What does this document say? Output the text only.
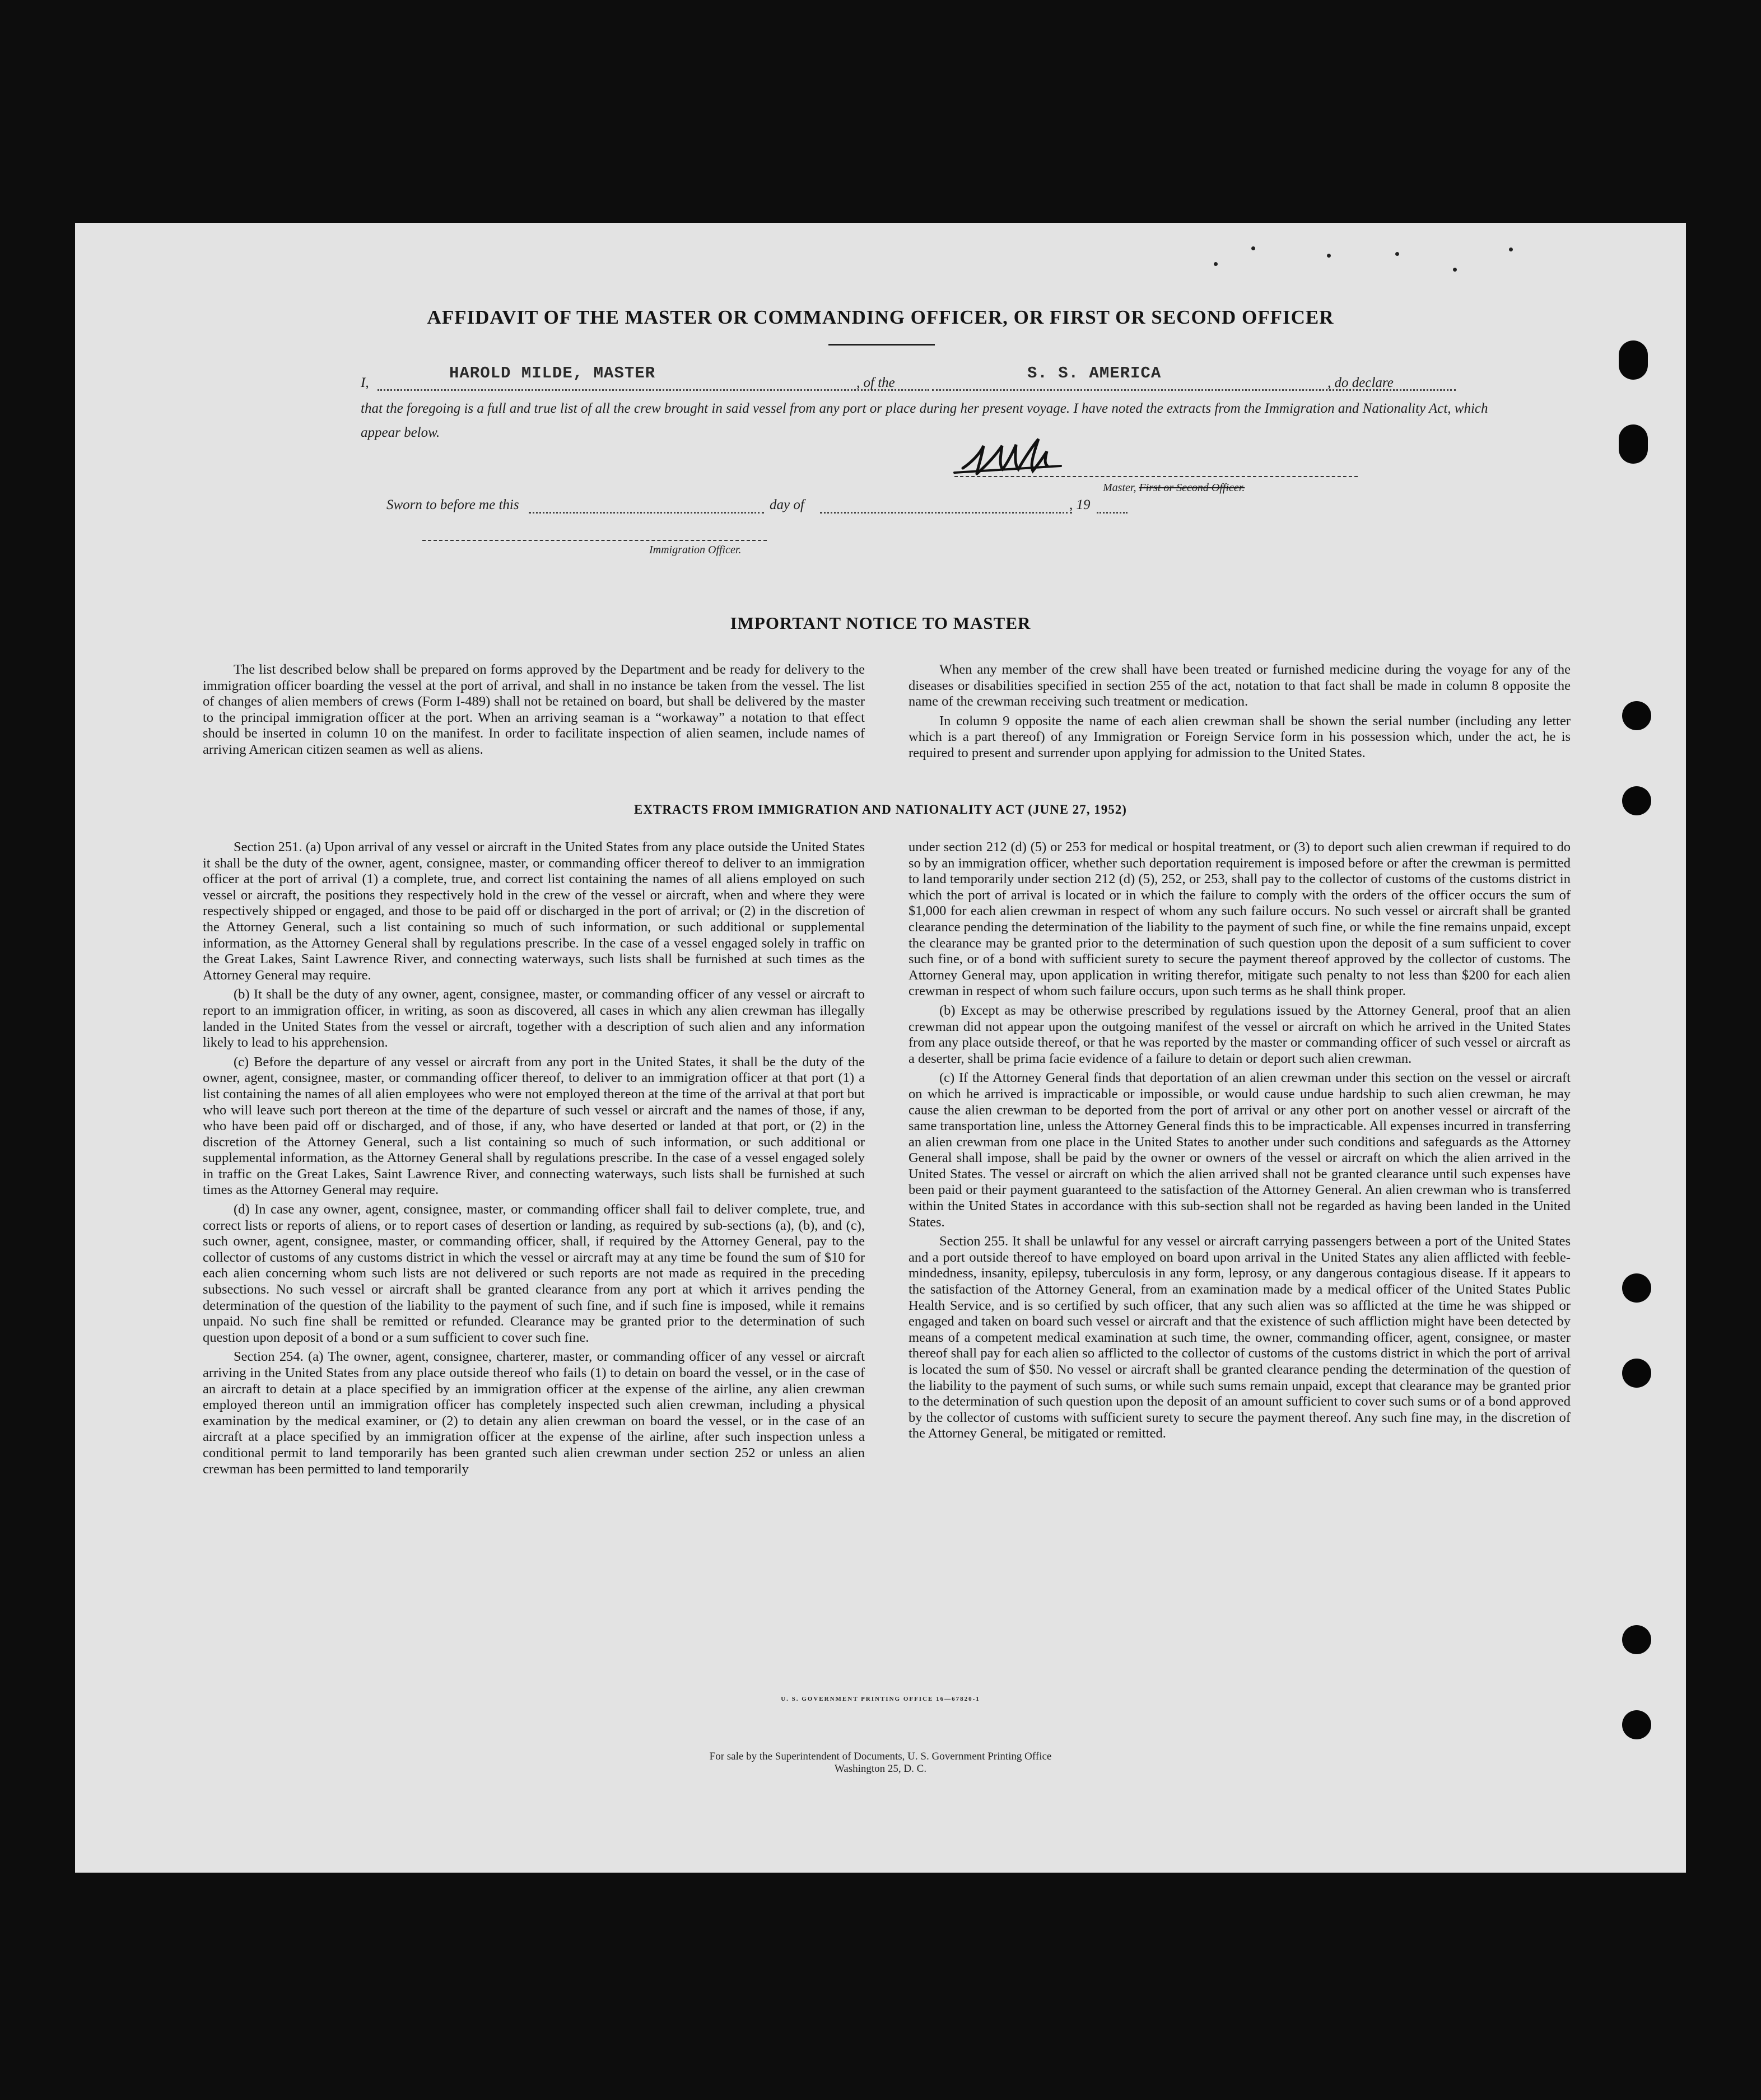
AFFIDAVIT OF THE MASTER OR COMMANDING OFFICER, OR FIRST OR SECOND OFFICER
I,
HAROLD MILDE, MASTER
, of the
S. S. AMERICA
, do declare
that the foregoing is a full and true list of all the crew brought in said vessel from any port or place during her present voyage. I have noted the extracts from the Immigration and Nationality Act, which appear below.
Master, First or Second Officer.
Sworn to before me this	day of	, 19
Immigration Officer.
IMPORTANT NOTICE TO MASTER

The list described below shall be prepared on forms approved by the Department and be ready for delivery to the immigration officer boarding the vessel at the port of arrival, and shall in no instance be taken from the vessel. The list of changes of alien members of crews (Form I-489) shall not be retained on board, but shall be delivered by the master to the principal immigration officer at the port. When an arriving seaman is a “workaway” a notation to that effect should be inserted in column 10 on the manifest. In order to facilitate inspection of alien seamen, include names of arriving American citizen seamen as well as aliens.

When any member of the crew shall have been treated or furnished medicine during the voyage for any of the diseases or disabilities specified in section 255 of the act, notation to that fact shall be made in column 8 opposite the name of the crewman receiving such treatment or medication.

In column 9 opposite the name of each alien crewman shall be shown the serial number (including any letter which is a part thereof) of any Immigration or Foreign Service form in his possession which, under the act, he is required to present and surrender upon applying for admission to the United States.

EXTRACTS FROM IMMIGRATION AND NATIONALITY ACT (JUNE 27, 1952)

Section 251. (a) Upon arrival of any vessel or aircraft in the United States from any place outside the United States it shall be the duty of the owner, agent, consignee, master, or commanding officer thereof to deliver to an immigration officer at the port of arrival (1) a complete, true, and correct list containing the names of all aliens employed on such vessel or aircraft, the positions they respectively hold in the crew of the vessel or aircraft, when and where they were respectively shipped or engaged, and those to be paid off or discharged in the port of arrival; or (2) in the discretion of the Attorney General, such a list containing so much of such information, or such additional or supplemental information, as the Attorney General shall by regulations prescribe. In the case of a vessel engaged solely in traffic on the Great Lakes, Saint Lawrence River, and connecting waterways, such lists shall be furnished at such times as the Attorney General may require.

(b) It shall be the duty of any owner, agent, consignee, master, or commanding officer of any vessel or aircraft to report to an immigration officer, in writing, as soon as discovered, all cases in which any alien crewman has illegally landed in the United States from the vessel or aircraft, together with a description of such alien and any information likely to lead to his apprehension.

(c) Before the departure of any vessel or aircraft from any port in the United States, it shall be the duty of the owner, agent, consignee, master, or commanding officer thereof, to deliver to an immigration officer at that port (1) a list containing the names of all alien employees who were not employed thereon at the time of the arrival at that port but who will leave such port thereon at the time of the departure of such vessel or aircraft and the names of those, if any, who have been paid off or discharged, and of those, if any, who have deserted or landed at that port, or (2) in the discretion of the Attorney General, such a list containing so much of such information, or such additional or supplemental information, as the Attorney General shall by regulations prescribe. In the case of a vessel engaged solely in traffic on the Great Lakes, Saint Lawrence River, and connecting waterways, such lists shall be furnished at such times as the Attorney General may require.

(d) In case any owner, agent, consignee, master, or commanding officer shall fail to deliver complete, true, and correct lists or reports of aliens, or to report cases of desertion or landing, as required by sub-sections (a), (b), and (c), such owner, agent, consignee, master, or commanding officer, shall, if required by the Attorney General, pay to the collector of customs of any customs district in which the vessel or aircraft may at any time be found the sum of $10 for each alien concerning whom such lists are not delivered or such reports are not made as required in the preceding subsections. No such vessel or aircraft shall be granted clearance from any port at which it arrives pending the determination of the question of the liability to the payment of such fine, and if such fine is imposed, while it remains unpaid. No such fine shall be remitted or refunded. Clearance may be granted prior to the determination of such question upon deposit of a bond or a sum sufficient to cover such fine.

Section 254. (a) The owner, agent, consignee, charterer, master, or commanding officer of any vessel or aircraft arriving in the United States from any place outside thereof who fails (1) to detain on board the vessel, or in the case of an aircraft to detain at a place specified by an immigration officer at the expense of the airline, any alien crewman employed thereon until an immigration officer has completely inspected such alien crewman, including a physical examination by the medical examiner, or (2) to detain any alien crewman on board the vessel, or in the case of an aircraft at a place specified by an immigration officer at the expense of the airline, after such inspection unless a conditional permit to land temporarily has been granted such alien crewman under section 252 or unless an alien crewman has been permitted to land temporarily

under section 212 (d) (5) or 253 for medical or hospital treatment, or (3) to deport such alien crewman if required to do so by an immigration officer, whether such deportation requirement is imposed before or after the crewman is permitted to land temporarily under section 212 (d) (5), 252, or 253, shall pay to the collector of customs of the customs district in which the port of arrival is located or in which the failure to comply with the orders of the officer occurs the sum of $1,000 for each alien crewman in respect of whom any such failure occurs. No such vessel or aircraft shall be granted clearance pending the determination of the liability to the payment of such fine, or while the fine remains unpaid, except the clearance may be granted prior to the determination of such question upon the deposit of a sum sufficient to cover such fine, or of a bond with sufficient surety to secure the payment thereof approved by the collector of customs. The Attorney General may, upon application in writing therefor, mitigate such penalty to not less than $200 for each alien crewman in respect of whom such failure occurs, upon such terms as he shall think proper.

(b) Except as may be otherwise prescribed by regulations issued by the Attorney General, proof that an alien crewman did not appear upon the outgoing manifest of the vessel or aircraft on which he arrived in the United States from any place outside thereof, or that he was reported by the master or commanding officer of such vessel or aircraft as a deserter, shall be prima facie evidence of a failure to detain or deport such alien crewman.

(c) If the Attorney General finds that deportation of an alien crewman under this section on the vessel or aircraft on which he arrived is impracticable or impossible, or would cause undue hardship to such alien crewman, he may cause the alien crewman to be deported from the port of arrival or any other port on another vessel or aircraft of the same transportation line, unless the Attorney General finds this to be impracticable. All expenses incurred in transferring an alien crewman from one place in the United States to another under such conditions and safeguards as the Attorney General shall impose, shall be paid by the owner or owners of the vessel or aircraft on which the alien arrived in the United States. The vessel or aircraft on which the alien arrived shall not be granted clearance until such expenses have been paid or their payment guaranteed to the satisfaction of the Attorney General. An alien crewman who is transferred within the United States in accordance with this sub-section shall not be regarded as having been landed in the United States.

Section 255. It shall be unlawful for any vessel or aircraft carrying passengers between a port of the United States and a port outside thereof to have employed on board upon arrival in the United States any alien afflicted with feeble-mindedness, insanity, epilepsy, tuberculosis in any form, leprosy, or any dangerous contagious disease. If it appears to the satisfaction of the Attorney General, from an examination made by a medical officer of the United States Public Health Service, and is so certified by such officer, that any such alien was so afflicted at the time he was shipped or engaged and taken on board such vessel or aircraft and that the existence of such affliction might have been detected by means of a competent medical examination at such time, the owner, commanding officer, agent, consignee, or master thereof shall pay for each alien so afflicted to the collector of customs of the customs district in which the port of arrival is located the sum of $50. No vessel or aircraft shall be granted clearance pending the determination of the question of the liability to the payment of such sums, or while such sums remain unpaid, except that clearance may be granted prior to the determination of such question upon the deposit of an amount sufficient to cover such sums or of a bond approved by the collector of customs with sufficient surety to secure the payment thereof. Any such fine may, in the discretion of the Attorney General, be mitigated or remitted.

U. S. GOVERNMENT PRINTING OFFICE 16—67820-1
For sale by the Superintendent of Documents, U. S. Government Printing Office
Washington 25, D. C.
